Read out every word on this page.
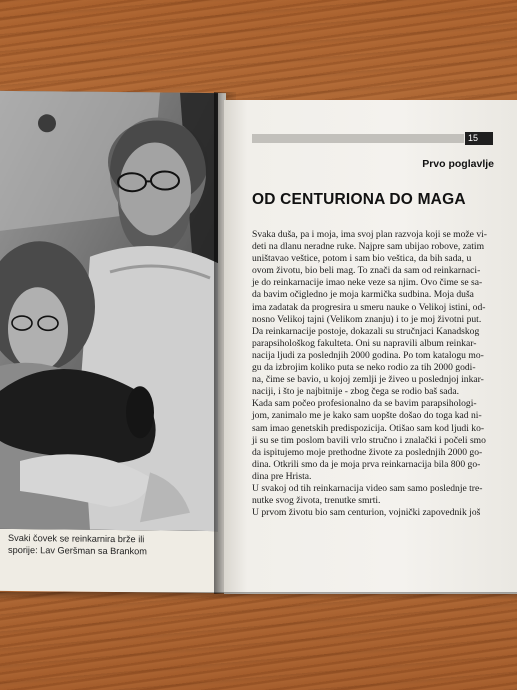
Svaki čovek se reinkarnira brže ili
sporije: Lav Geršman sa Brankom
15
Prvo poglavlje
OD CENTURIONA DO MAGA
Svaka duša, pa i moja, ima svoj plan razvoja koji se može vi-
deti na dlanu neradne ruke. Najpre sam ubijao robove, zatim
uništavao veštice, potom i sam bio veštica, da bih sada, u
ovom životu, bio beli mag. To znači da sam od reinkarnaci-
je do reinkarnacije imao neke veze sa njim. Ovo čime se sa-
da bavim očigledno je moja karmička sudbina. Moja duša
ima zadatak da progresira u smeru nauke o Velikoj istini, od-
nosno Velikoj tajni (Velikom znanju) i to je moj životni put.
Da reinkarnacije postoje, dokazali su stručnjaci Kanadskog
parapsihološkog fakulteta. Oni su napravili album reinkar-
nacija ljudi za poslednjih 2000 godina. Po tom katalogu mo-
gu da izbrojim koliko puta se neko rodio za tih 2000 godi-
na, čime se bavio, u kojoj zemlji je živeo u poslednjoj inkar-
naciji, i što je najbitnije - zbog čega se rodio baš sada.
Kada sam počeo profesionalno da se bavim parapsihologi-
jom, zanimalo me je kako sam uopšte došao do toga kad ni-
sam imao genetskih predispozicija. Otišao sam kod ljudi ko-
ji su se tim poslom bavili vrlo stručno i znalački i počeli smo
da ispitujemo moje prethodne živote za poslednjih 2000 go-
dina. Otkrili smo da je moja prva reinkarnacija bila 800 go-
dina pre Hrista.
U svakoj od tih reinkarnacija video sam samo poslednje tre-
nutke svog života, trenutke smrti.
U prvom životu bio sam centurion, vojnički zapovednik još
